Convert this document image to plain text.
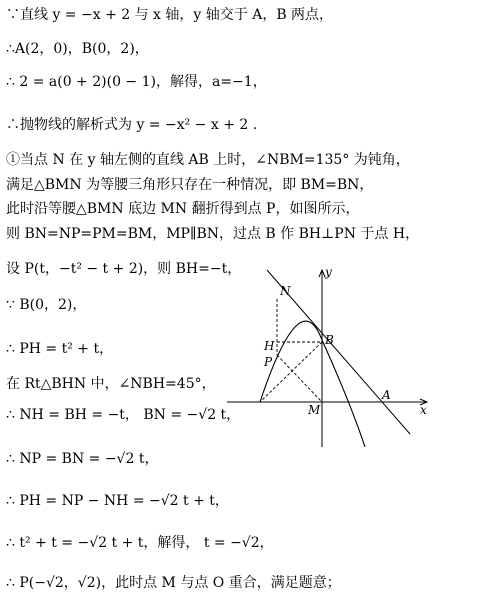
∵直线 y = −x + 2 与 x 轴，y 轴交于 A，B 两点，
∴A(2，0)，B(0，2)，
∴ 2 = a(0 + 2)(0 − 1)，解得，a=−1，
∴抛物线的解析式为 y = −x² − x + 2 .
①当点 N 在 y 轴左侧的直线 AB 上时，∠NBM=135° 为钝角，
满足△BMN 为等腰三角形只存在一种情况，即 BM=BN，
此时沿等腰△BMN 底边 MN 翻折得到点 P，如图所示，
则 BN=NP=PM=BM，MP∥BN，过点 B 作 BH⊥PN 于点 H，
设 P(t，−t² − t + 2)，则 BH=−t，
∵ B(0，2)，
∴ PH = t² + t，
在 Rt△BHN 中，∠NBH=45°，
∴ NH = BH = −t， BN = −√2 t，
∴ NP = BN = −√2 t，
∴ PH = NP − NH = −√2 t + t，
∴ t² + t = −√2 t + t，解得， t = −√2，
∴ P(−√2，√2)，此时点 M 与点 O 重合，满足题意；
y
x
N
B
H
P
M
A
